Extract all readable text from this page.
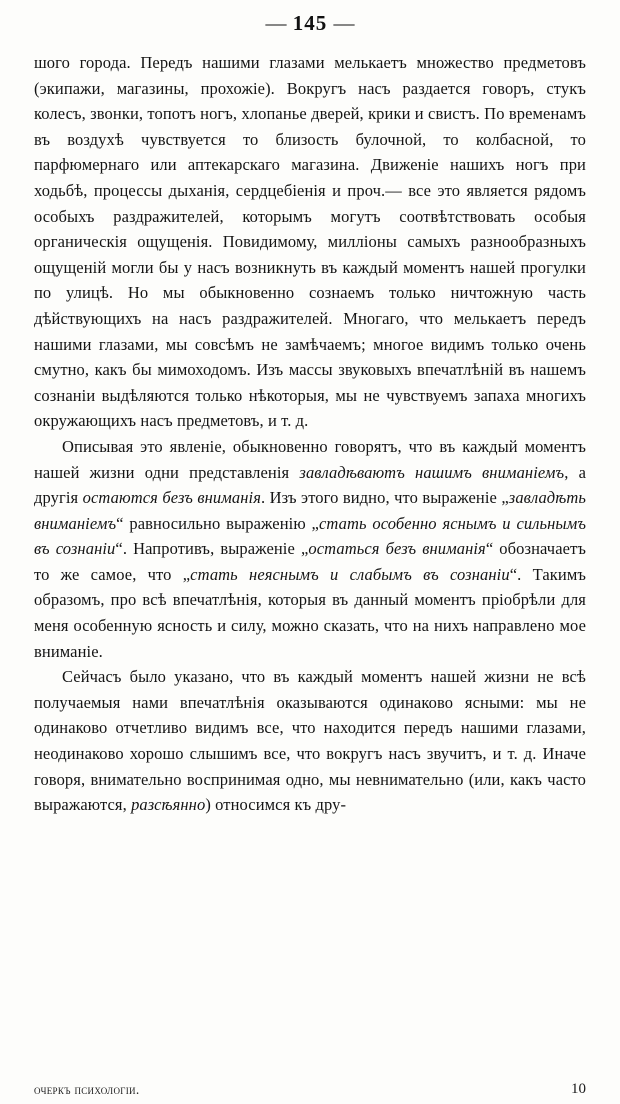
— 145 —

шого города. Передъ нашими глазами мелькаетъ множество предметовъ (экипажи, магазины, прохожіе). Вокругъ насъ раздается говоръ, стукъ колесъ, звонки, топотъ ногъ, хлопанье дверей, крики и свистъ. По временамъ въ воздухѣ чувствуется то близость булочной, то колбасной, то парфюмернаго или аптекарскаго магазина. Движеніе нашихъ ногъ при ходьбѣ, процессы дыханія, сердцебіенія и проч.— все это является рядомъ особыхъ раздражителей, которымъ могутъ соотвѣтствовать особыя органическія ощущенія. Повидимому, милліоны самыхъ разнообразныхъ ощущеній могли бы у насъ возникнуть въ каждый моментъ нашей прогулки по улицѣ. Но мы обыкновенно сознаемъ только ничтожную часть дѣйствующихъ на насъ раздражителей. Многаго, что мелькаетъ передъ нашими глазами, мы совсѣмъ не замѣчаемъ; многое видимъ только очень смутно, какъ бы мимоходомъ. Изъ массы звуковыхъ впечатлѣній въ нашемъ сознаніи выдѣляются только нѣкоторыя, мы не чувствуемъ запаха многихъ окружающихъ насъ предметовъ, и т. д.

Описывая это явленіе, обыкновенно говорятъ, что въ каждый моментъ нашей жизни одни представленія завладѣваютъ нашимъ вниманіемъ, а другія остаются безъ вниманія. Изъ этого видно, что выраженіе „завладѣть вниманіемъ“ равносильно выраженію „стать особенно яснымъ и сильнымъ въ сознаніи“. Напротивъ, выраженіе „остаться безъ вниманія“ обозначаетъ то же самое, что „стать неяснымъ и слабымъ въ сознаніи“. Такимъ образомъ, про всѣ впечатлѣнія, которыя въ данный моментъ пріобрѣли для меня особенную ясность и силу, можно сказать, что на нихъ направлено мое вниманіе.

Сейчасъ было указано, что въ каждый моментъ нашей жизни не всѣ получаемыя нами впечатлѣнія оказываются одинаково ясными: мы не одинаково отчетливо видимъ все, что находится передъ нашими глазами, неодинаково хорошо слышимъ все, что вокругъ насъ звучитъ, и т. д. Иначе говоря, внимательно воспринимая одно, мы невнимательно (или, какъ часто выражаются, разсѣянно) относимся къ дру-

очеркъ психологіи.	10
